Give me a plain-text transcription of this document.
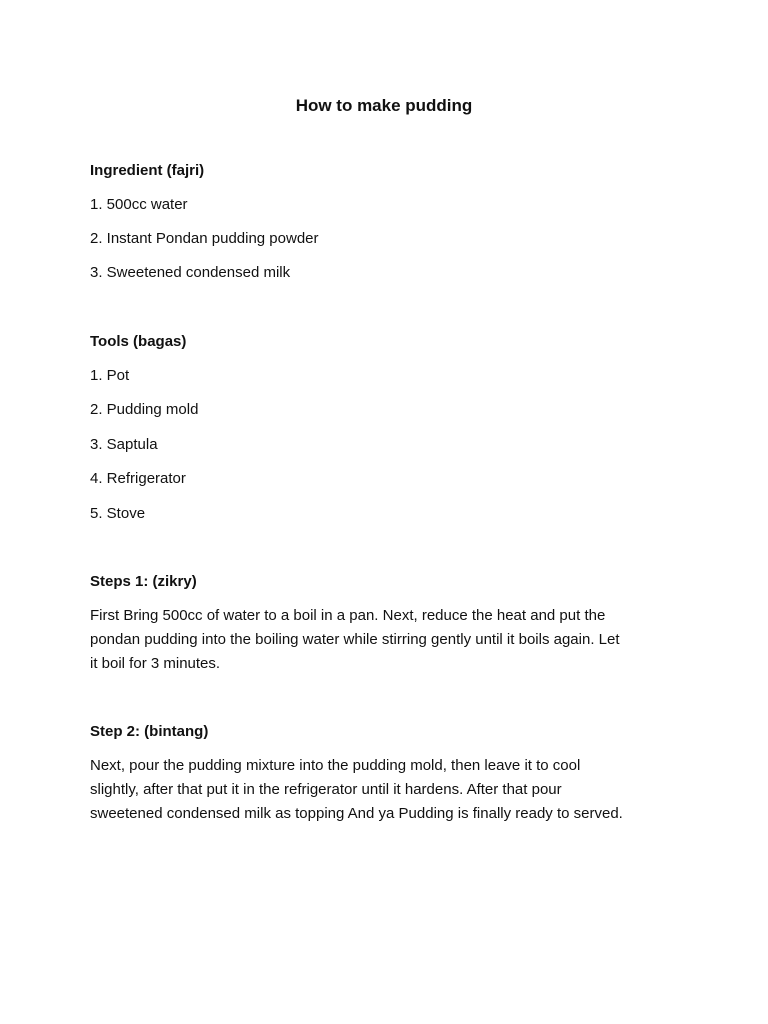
How to make pudding

Ingredient (fajri)

1. 500cc water

2. Instant Pondan pudding powder

3. Sweetened condensed milk

Tools (bagas)

1. Pot

2. Pudding mold

3. Saptula

4. Refrigerator

5. Stove

Steps 1: (zikry)

First Bring 500cc of water to a boil in a pan. Next, reduce the heat and put the

pondan pudding into the boiling water while stirring gently until it boils again. Let

it boil for 3 minutes.

Step 2: (bintang)

Next, pour the pudding mixture into the pudding mold, then leave it to cool

slightly, after that put it in the refrigerator until it hardens. After that pour

sweetened condensed milk as topping And ya Pudding is finally ready to served.
